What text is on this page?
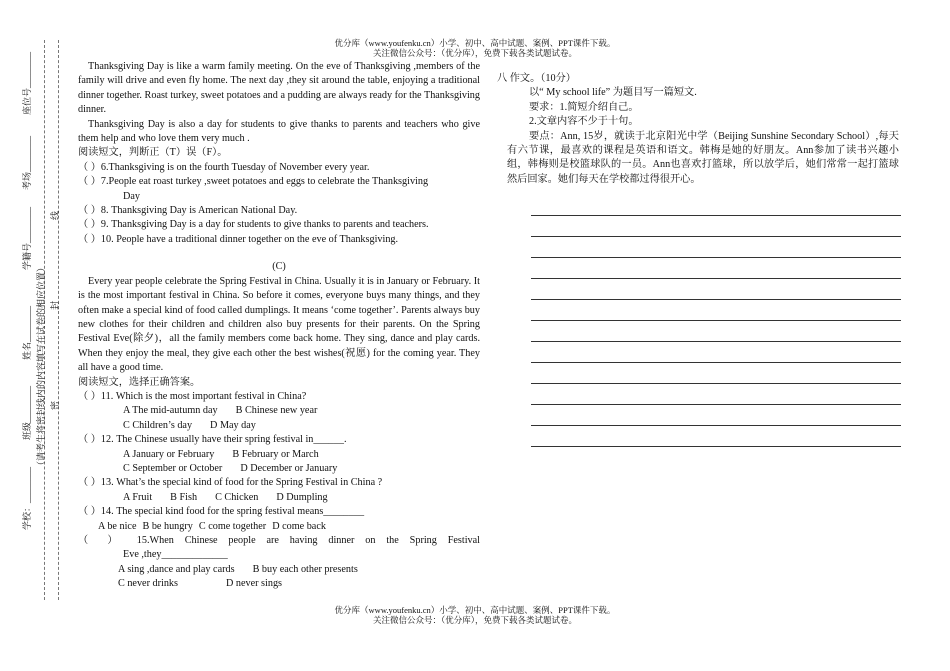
优分库（www.youfenku.cn）小学、初中、高中试题、案例、PPT课件下载。
关注微信公众号：（优分库），免费下载各类试题试卷。
优分库（www.youfenku.cn）小学、初中、高中试题、案例、PPT课件下载。
关注微信公众号：（优分库），免费下载各类试题试卷。
学校：________
班级________
姓名________
学籍号________
考场________
座位号________
（请考生将密封线内的内容填写在试卷的相应位置） 密
封
线

Thanksgiving Day is like a warm family meeting. On the eve of Thanksgiving ,members of the family will drive and even fly home. The next day ,they sit around the table, enjoying a traditional dinner together. Roast turkey, sweet potatoes and a pudding are always ready for the Thanksgiving dinner.

Thanksgiving Day is also a day for students to give thanks to parents and teachers who give them help and who love them very much .

阅读短文，判断正（T）误（F）。

（ ）6.Thanksgiving is on the fourth Tuesday of November every year.

（ ）7.People eat roast turkey ,sweet potatoes and eggs to celebrate the Thanksgiving

Day

（ ）8. Thanksgiving Day is American National Day.

（ ）9. Thanksgiving Day is a day for students to give thanks to parents and teachers.

（ ）10. People have a traditional dinner together on the eve of Thanksgiving.

(C)

Every year people celebrate the Spring Festival in China. Usually it is in January or February. It is the most important festival in China. So before it comes, everyone buys many things, and they often make a special kind of food called dumplings. It means ‘come together’. Parents always buy new clothes for their children and children also buy presents for their parents. On the Spring Festival Eve(除夕)，all the family members come back home. They sing, dance and play cards. When they enjoy the meal, they give each other the best wishes(祝愿) for the coming year. They all have a good time.

阅读短文，选择正确答案。

（ ）11. Which is the most important festival in China?

A The mid-autumn day B Chinese new year

C Children’s day D May day

（ ）12. The Chinese usually have their spring festival in______.

A January or February B February or March

C September or October D December or January

（ ）13. What’s the special kind of food for the Spring Festival in China ?

A Fruit B Fish C Chicken D Dumpling

（ ）14. The special kind food for the spring festival means________

A be nice B be hungry C come together D come back

（ ） 15.When Chinese people are having dinner on the Spring Festival

Eve ,they_____________

A sing ,dance and play cards B buy each other presents

C never drinks	D never sings

八 作文。（10分）

以“ My school life” 为题目写一篇短文.

要求：1.简短介绍自己。

2.文章内容不少于十句。

要点：Ann, 15岁，就读于北京阳光中学（Beijing Sunshine Secondary School）,每天有六节课，最喜欢的课程是英语和语文。韩梅是她的好朋友。Ann参加了读书兴趣小组，韩梅则是校篮球队的一员。Ann也喜欢打篮球，所以放学后，她们常常一起打篮球然后回家。她们每天在学校都过得很开心。
